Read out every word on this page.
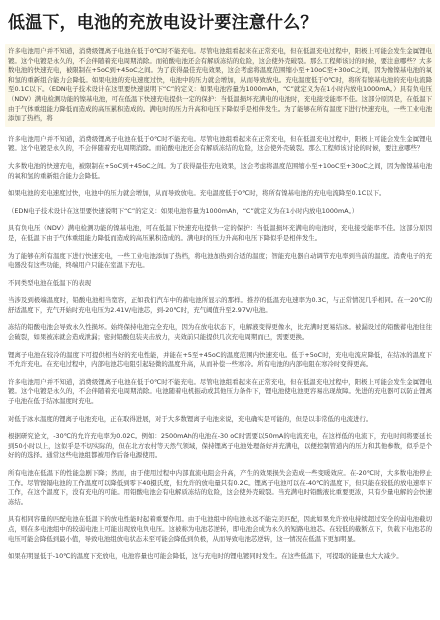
低温下，电池的充放电设计要注意什么？

许多电池用户并不知道，消费级锂离子电池在低于0℃时不能充电。尽管电池组看起来在正常充电，但在低温充电过程中，阳极上可能会发生金属锂电镀。这个电镀是永久的，不会伴随着充电周期消除。而铂酸电池还会有解质冻结的危险，这会使外壳破裂。那么工程师该讨的时候，要注意哪些？大多数电池的快速充电，被限制在+5oC到+45oC之间。为了获得最佳充电效果，这会考虑将温度范围缩小至+10oC至+30oC之间，因为像镍基电池的氧和氢的重新组合能力会降低。如果电池的充电速度过快，电池中的压力就会增加，从而导致放电。充电温度低于0℃时，将所有镍基电池的充电电流降至0.1C以下。（EDN电子技术设计在这里要快速说明下“C”的定义：如果电池容量为1000mAh，“C”就定义为在1小时内放电1000mA。）具有负电压（NDV）满电检测功能的镍基电池，可在低温下快速充电提供一定的保护：当低温损坏充满电的电池时，充电接受能率不佳。这部分原因是，在低温下由于气体重组能力降低而造成的高压累积造成的。满电时的压力升高和电压下降似乎是相伴发生。为了能够在所有温度下进行快速充电，一些工业电池添加了热档，将

许多电池用户并不知道，消费级锂离子电池在低于0℃时不能充电。尽管电池组看起来在正常充电，但在低温充电过程中，阳极上可能会发生金属锂电镀。这个电镀是永久的，不会伴随着充电周期消除。而铂酸电池还会有解质冻结的危险，这会使外壳破裂。那么工程师该讨论的时候，要注意哪些？

大多数电池的快速充电，被限制在+5oC到+45oC之间。为了获得最佳充电效果，这会考虑将温度范围缩小至+10oC至+30oC之间，因为像镍基电池的氧和氢的重新组合能力会降低。

如果电池的充电速度过快，电池中的压力就会增加，从而导致放电。充电温度低于0℃时，将所有镍基电池的充电电流降至0.1C以下。

（EDN电子技术设计在这里要快速说明下“C”的定义：如果电池容量为1000mAh，“C”就定义为在1小时内放电1000mA。）

具有负电压（NDV）满电检测功能的镍基电池，可在低温下快速充电提供一定的保护：当低温损坏充满电的电池时，充电接受能率不佳。这部分原因是，在低温下由于气体重组能力降低而造成的高压累积造成的。满电时的压力升高和电压下降似乎是相伴发生。

为了能够在所有温度下进行快速充电，一些工业电池添加了热档，将电池加热到合适的温度；智能充电器自动调节充电率到当前的温度。消费电子的充电器没有这些功能，终端用户只能在室温下充电。

不同类型电池在低温下的表现

当涉及到极端温度时，铅酸电池相当宽容，正如我们汽车中的蓄电池所显示的那样。推荐的低温充电速率为0.3C，与正常情况几乎相同。在一20℃的舒适温度下，充气开始时充电电压为2.41V/电池芯，到-20℃时，充气阈值升至2.97V/电池。

冻结的铅酸电池会导致永久性损坏。始终保持电池完全充电，因为在放电状态下，电解液变得更像水，比充满时更易结冰。被漏设过的铅酸蓄电池往往会破裂，如果被冻就会造成泄漏；密封铅酸包装夹击放力，夹效前只能提供几次充电周期而已，需要更换。

锂离子电池在较冷的温度下可提供相当好的充电性能，并能在+5至+45oC的温度范围内快速充电。低于+5oC时，充电电流应降低，在结冰的温度下不允许充电。在充电过程中，内部电池芯电阻引起轻微的温度升高，从而补偿一些寒冷。所有电池的内部电阻在寒冷时变得更高。

许多电池用户并不知道，消费级锂离子电池在低于0℃时不能充电。尽管电池组看起来在正常充电，但在低温充电过程中，阳极上可能会发生金属锂电镀。这个电镀是永久的，不会伴随着充电周期消除。电池随着电机振动或其他压力条件下，锂电池使电池更容易出现故障。先进的充电器可以防止锂离子电池在低于结冰温度时充电。

对低于冰水温度的锂离子电池充电，正在取得进展，对于大多数锂离子电池来说，充电确实是可能的，但是以非常低的电流进行。

根据研究论文，-30℃的允许充电率为0.02C。例如：2500mAh的电池在-30 oC时需要以50mA的电流充电，在这样低的电流下，充电时间将要延长到50小时以上，这似乎是不切实际的，但在北方农村等天然气领域，保持锂离子电池处理备好并充满电，以便控制管道内的压力和其他参数，似乎是个好的的选择。通常这些电池组都被用作后备电源使用。

所有电池在低温下的性能急剧下降；然而，由于使用过程中内部直流电阻会升高，产生的效果损失会造成一些变暖效应。在-20℃时，大多数电池停止工作。尽管镍镉电池的工作温度可以降低到零下40摄氏度，但允许的放电量只有0.2C。锂离子电池可以在-40℃的温度下，但只能在较低的放电速率下工作，在这个温度下，没有充电的可能。用铅酸电池会有电解质冻结的危险，这会使外壳破裂。当充满电时铅酸液比重要更浓，只有少量电解的会快速冻结。

具有相同容量的匹配电池在低温下的放电性能时起着重要作用。由于电池组中的电池永远不能完美匹配，因此如果允许放电持续超过安全的弱电池截切点，则在多电池组中的较弱电池上可能出现放电负电压。这被称为电池芯逆转，即电池会成为永久的短路电池芯。在较低的截断点下，负载下电池芯的电压可能会降低到最小值，导致电池组放电状态未至可能会降低到负极，从而导致电池芯逆转，这一情况在低温下更加明显。

如果在明显低于-10℃的温度下充放电，电池容量也可能会降低，这与充电时的锂电镀同时发生。在这些低温下，可提取的能量也大大减少。
